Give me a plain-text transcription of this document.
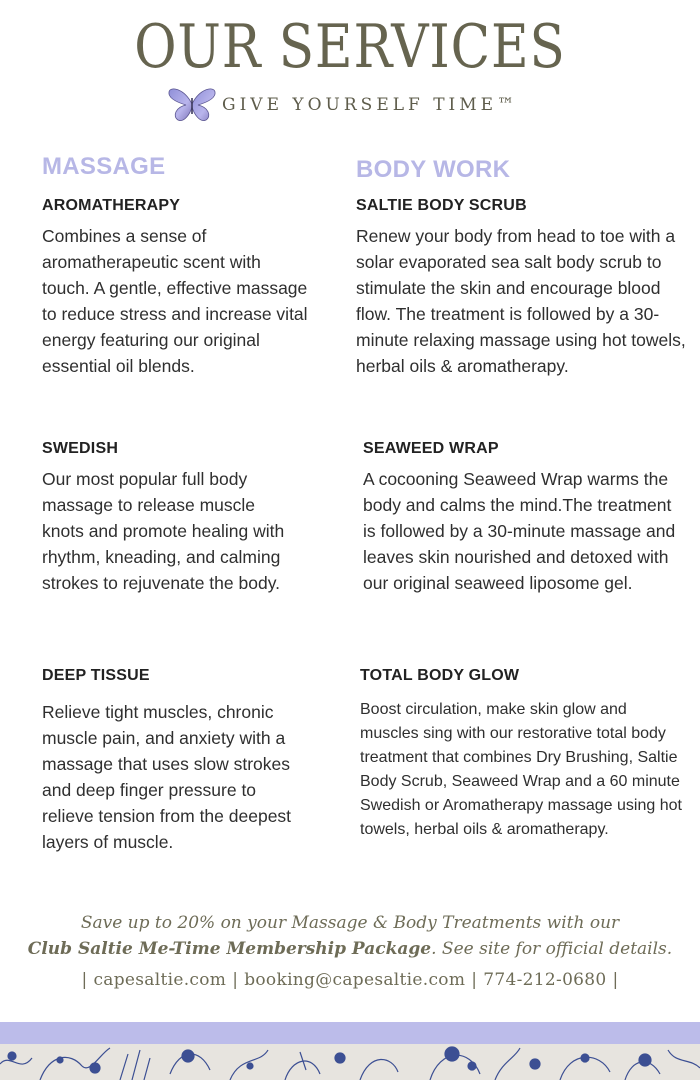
OUR SERVICES
GIVE YOURSELF TIME™
MASSAGE
AROMATHERAPY
Combines a sense of aromatherapeutic scent with touch. A gentle, effective massage to reduce stress and increase vital energy featuring our original essential oil blends.
SWEDISH
Our most popular full body massage to release muscle knots and promote healing with rhythm, kneading, and calming strokes to rejuvenate the body.
DEEP TISSUE
Relieve tight muscles, chronic muscle pain, and anxiety with a massage that uses slow strokes and deep finger pressure to relieve tension from the deepest layers of muscle.
BODY WORK
SALTIE BODY SCRUB
Renew your body from head to toe with a solar evaporated sea salt body scrub to stimulate the skin and encourage blood flow. The treatment is followed by a 30-minute relaxing massage using hot towels, herbal oils & aromatherapy.
SEAWEED WRAP
A cocooning Seaweed Wrap warms the body and calms the mind.The treatment is followed by a 30-minute massage and leaves skin nourished and detoxed with our original seaweed liposome gel.
TOTAL BODY GLOW
Boost circulation, make skin glow and muscles sing with our restorative total body treatment that combines Dry Brushing, Saltie Body Scrub, Seaweed Wrap and a 60 minute Swedish or Aromatherapy massage using hot towels, herbal oils & aromatherapy.
Save up to 20% on your Massage & Body Treatments with our
Club Saltie Me-Time Membership Package. See site for official details.
| capesaltie.com | booking@capesaltie.com | 774-212-0680 |
